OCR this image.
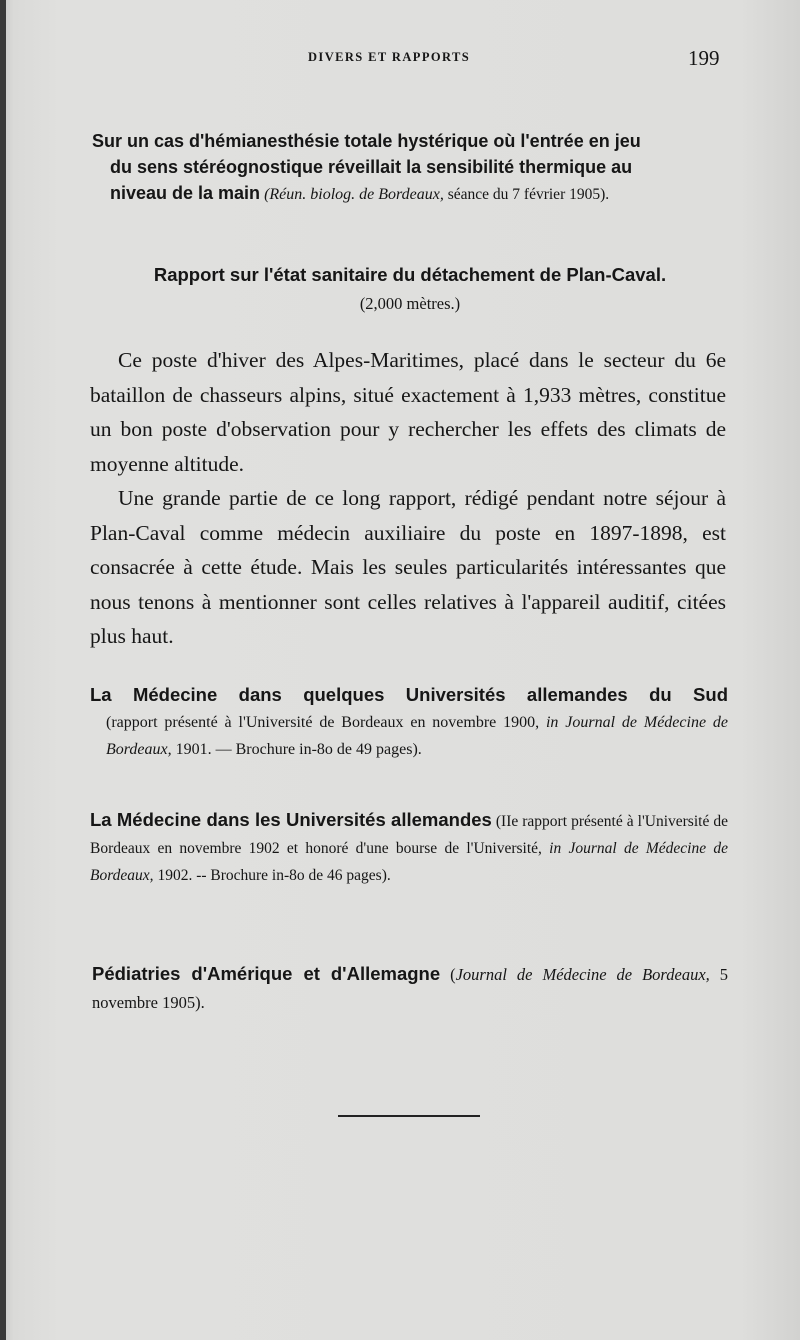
DIVERS ET RAPPORTS	199
Sur un cas d'hémianesthésie totale hystérique où l'entrée en jeu
du sens stéréognostique réveillait la sensibilité thermique au
niveau de la main (Réun. biolog. de Bordeaux, séance du 7 février 1905).
Rapport sur l'état sanitaire du détachement de Plan-Caval.
(2,000 mètres.)

Ce poste d'hiver des Alpes-Maritimes, placé dans le secteur du 6e bataillon de chasseurs alpins, situé exactement à 1,933 mètres, constitue un bon poste d'observation pour y rechercher les effets des climats de moyenne altitude.

Une grande partie de ce long rapport, rédigé pendant notre séjour à Plan-Caval comme médecin auxiliaire du poste en 1897-1898, est consacrée à cette étude. Mais les seules particularités intéressantes que nous tenons à mentionner sont celles relatives à l'appareil auditif, citées plus haut.

La Médecine dans quelques Universités allemandes du Sud
(rapport présenté à l'Université de Bordeaux en novembre 1900, in Journal de Médecine de Bordeaux, 1901. — Brochure in-8o de 49 pages).
La Médecine dans les Universités allemandes (IIe rapport présenté à l'Université de Bordeaux en novembre 1902 et honoré d'une bourse de l'Université, in Journal de Médecine de Bordeaux, 1902. -- Brochure in-8o de 46 pages).
Pédiatries d'Amérique et d'Allemagne (Journal de Médecine de Bordeaux, 5 novembre 1905).
